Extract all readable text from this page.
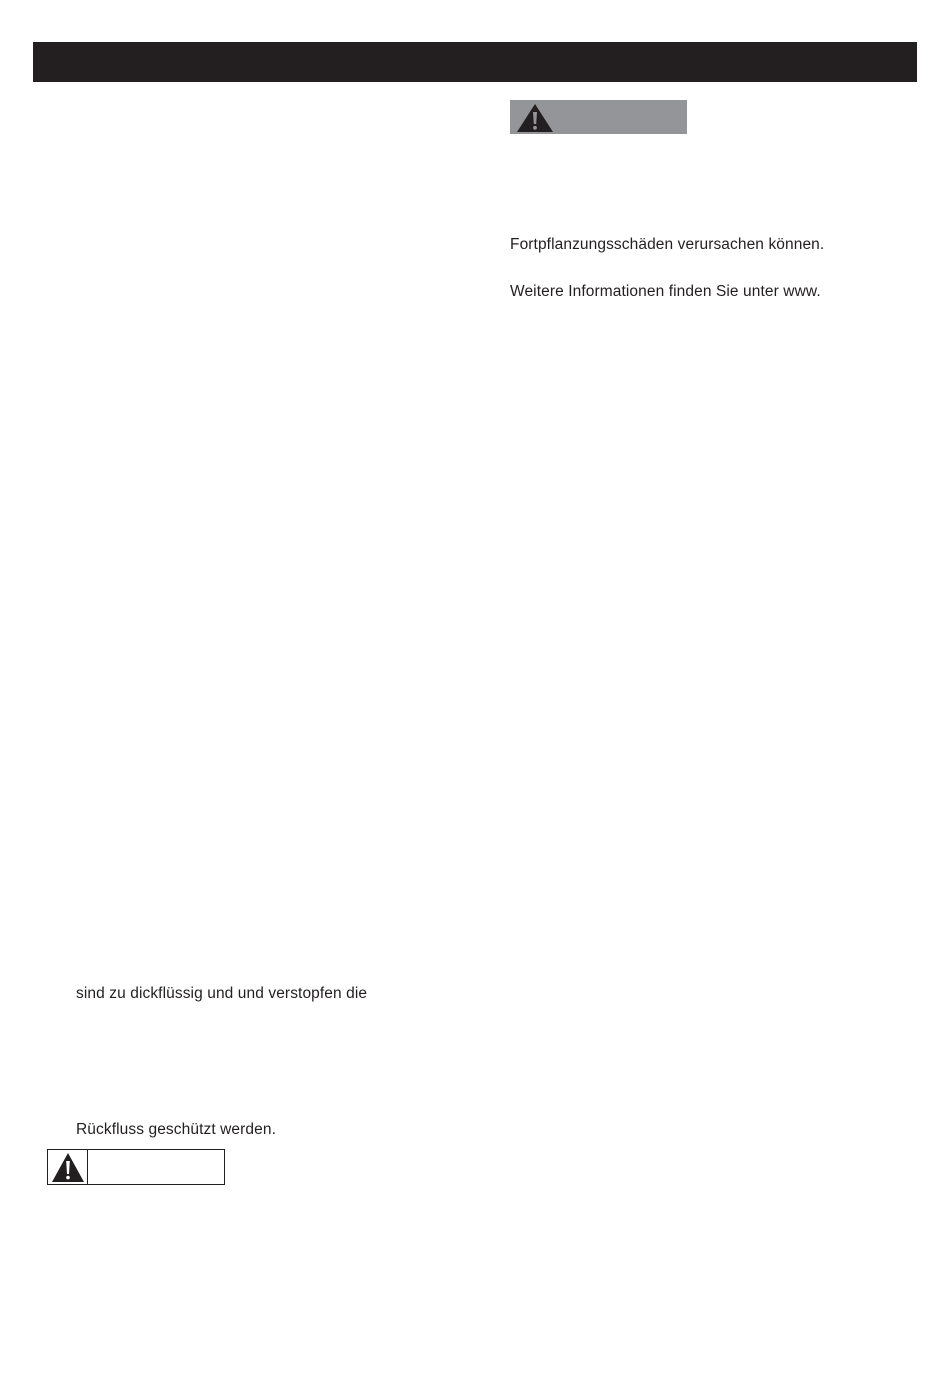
Fortpflanzungsschäden verursachen können.
Weitere Informationen finden Sie unter www.
sind zu dickflüssig und und verstopfen die
Rückfluss geschützt werden.
